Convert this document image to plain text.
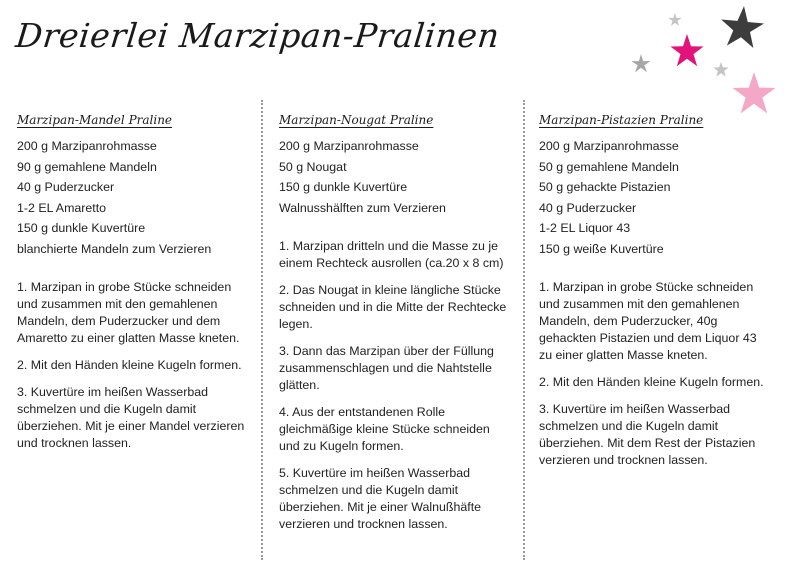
Dreierlei Marzipan-Pralinen
Marzipan-Mandel Praline
200 g Marzipanrohmasse
90 g gemahlene Mandeln
40 g Puderzucker
1-2 EL Amaretto
150 g dunkle Kuvertüre
blanchierte Mandeln zum Verzieren
1. Marzipan in grobe Stücke schneiden und zusammen mit den gemahlenen Mandeln, dem Puderzucker und dem Amaretto zu einer glatten Masse kneten.
2. Mit den Händen kleine Kugeln formen.
3. Kuvertüre im heißen Wasserbad schmelzen und die Kugeln damit überziehen. Mit je einer Mandel verzieren und trocknen lassen.
Marzipan-Nougat Praline
200 g Marzipanrohmasse
50 g Nougat
150 g dunkle Kuvertüre
Walnusshälften zum Verzieren
1. Marzipan dritteln und die Masse zu je einem Rechteck ausrollen (ca.20 x 8 cm)
2. Das Nougat in kleine längliche Stücke schneiden und in die Mitte der Rechtecke legen.
3. Dann das Marzipan über der Füllung zusammenschlagen und die Nahtstelle glätten.
4. Aus der entstandenen Rolle gleichmäßige kleine Stücke schneiden und zu Kugeln formen.
5. Kuvertüre im heißen Wasserbad schmelzen und die Kugeln damit überziehen. Mit je einer Walnußhäfte verzieren und trocknen lassen.
Marzipan-Pistazien Praline
200 g Marzipanrohmasse
50 g gemahlene Mandeln
50 g gehackte Pistazien
40 g Puderzucker
1-2 EL Liquor 43
150 g weiße Kuvertüre
1. Marzipan in grobe Stücke schneiden und zusammen mit den gemahlenen Mandeln, dem Puderzucker, 40g gehackten Pistazien und dem Liquor 43 zu einer glatten Masse kneten.
2. Mit den Händen kleine Kugeln formen.
3. Kuvertüre im heißen Wasserbad schmelzen und die Kugeln damit überziehen. Mit dem Rest der Pistazien verzieren und trocknen lassen.
